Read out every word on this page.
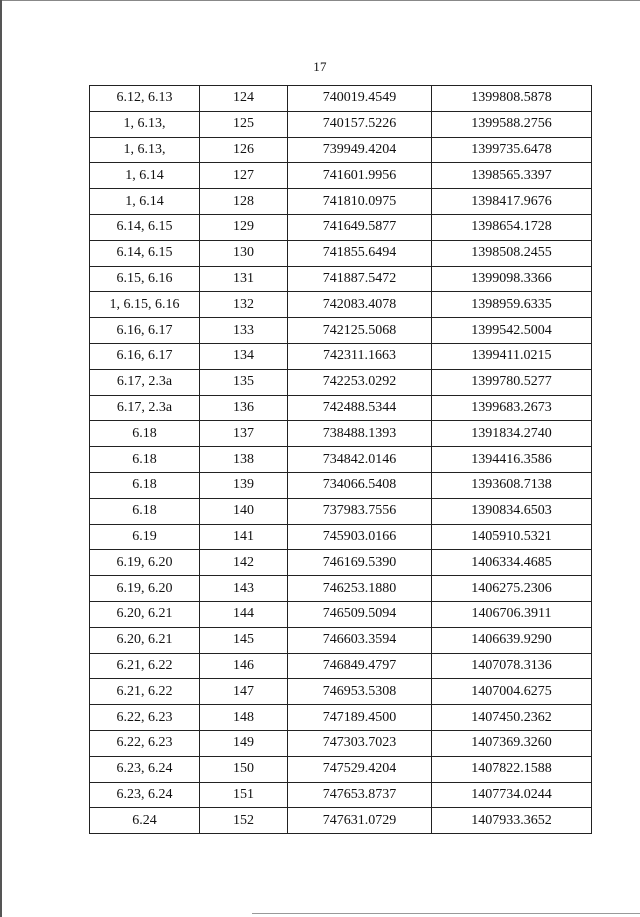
17
6.12, 6.13	124	740019.4549	1399808.5878
1, 6.13,	125	740157.5226	1399588.2756
1, 6.13,	126	739949.4204	1399735.6478
1, 6.14	127	741601.9956	1398565.3397
1, 6.14	128	741810.0975	1398417.9676
6.14, 6.15	129	741649.5877	1398654.1728
6.14, 6.15	130	741855.6494	1398508.2455
6.15, 6.16	131	741887.5472	1399098.3366
1, 6.15, 6.16	132	742083.4078	1398959.6335
6.16, 6.17	133	742125.5068	1399542.5004
6.16, 6.17	134	742311.1663	1399411.0215
6.17, 2.3a	135	742253.0292	1399780.5277
6.17, 2.3a	136	742488.5344	1399683.2673
6.18	137	738488.1393	1391834.2740
6.18	138	734842.0146	1394416.3586
6.18	139	734066.5408	1393608.7138
6.18	140	737983.7556	1390834.6503
6.19	141	745903.0166	1405910.5321
6.19, 6.20	142	746169.5390	1406334.4685
6.19, 6.20	143	746253.1880	1406275.2306
6.20, 6.21	144	746509.5094	1406706.3911
6.20, 6.21	145	746603.3594	1406639.9290
6.21, 6.22	146	746849.4797	1407078.3136
6.21, 6.22	147	746953.5308	1407004.6275
6.22, 6.23	148	747189.4500	1407450.2362
6.22, 6.23	149	747303.7023	1407369.3260
6.23, 6.24	150	747529.4204	1407822.1588
6.23, 6.24	151	747653.8737	1407734.0244
6.24	152	747631.0729	1407933.3652
